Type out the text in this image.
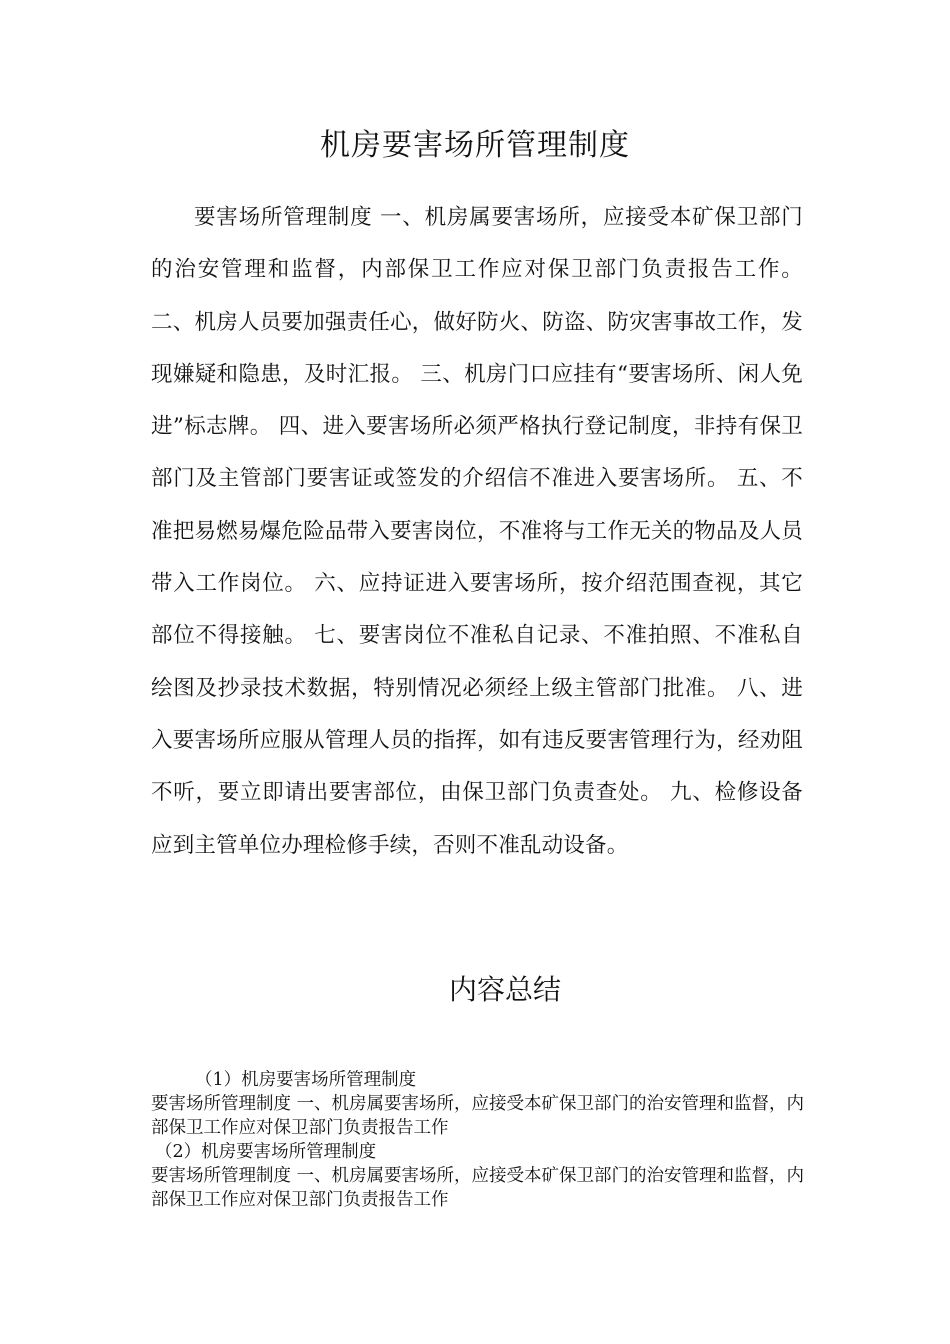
机房要害场所管理制度

要害场所管理制度 一、机房属要害场所，应接受本矿保卫部门的治安管理和监督，内部保卫工作应对保卫部门负责报告工作。 二、机房人员要加强责任心，做好防火、防盗、防灾害事故工作，发现嫌疑和隐患，及时汇报。 三、机房门口应挂有“要害场所、闲人免进”标志牌。 四、进入要害场所必须严格执行登记制度，非持有保卫部门及主管部门要害证或签发的介绍信不准进入要害场所。 五、不准把易燃易爆危险品带入要害岗位，不准将与工作无关的物品及人员带入工作岗位。 六、应持证进入要害场所，按介绍范围查视，其它部位不得接触。 七、要害岗位不准私自记录、不准拍照、不准私自绘图及抄录技术数据，特别情况必须经上级主管部门批准。 八、进入要害场所应服从管理人员的指挥，如有违反要害管理行为，经劝阻不听，要立即请出要害部位，由保卫部门负责查处。 九、检修设备应到主管单位办理检修手续，否则不准乱动设备。

内容总结

（1）机房要害场所管理制度

要害场所管理制度 一、机房属要害场所，应接受本矿保卫部门的治安管理和监督，内部保卫工作应对保卫部门负责报告工作

（2）机房要害场所管理制度

要害场所管理制度 一、机房属要害场所，应接受本矿保卫部门的治安管理和监督，内部保卫工作应对保卫部门负责报告工作
